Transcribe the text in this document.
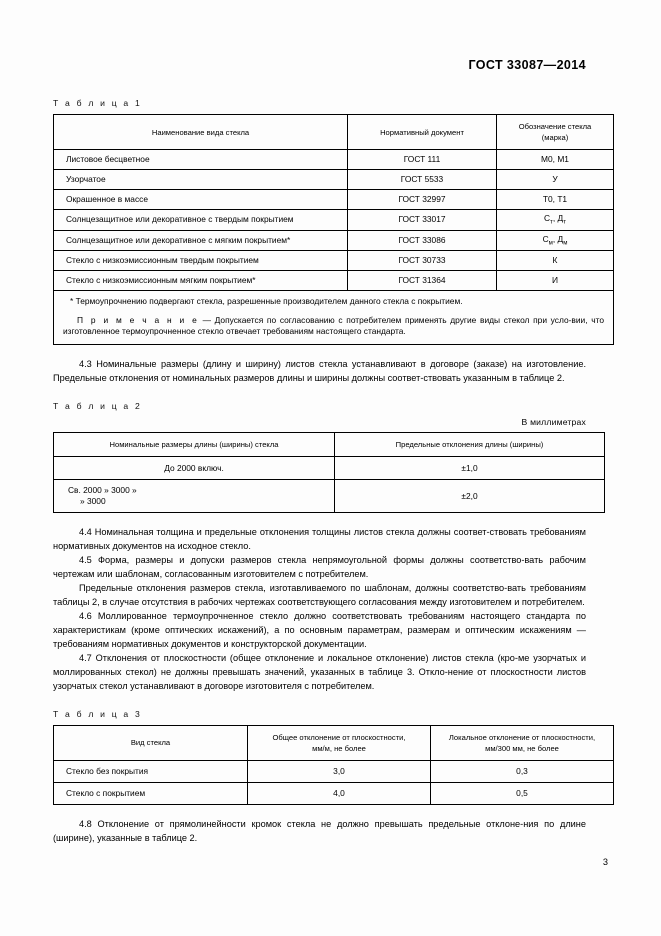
ГОСТ 33087—2014
Т а б л и ц а 1
Наименование вида стекла	Нормативный документ	Обозначение стекла
(марка)
Листовое бесцветное	ГОСТ 111	М0, М1
Узорчатое	ГОСТ 5533	У
Окрашенное в массе	ГОСТ 32997	Т0, Т1
Солнцезащитное или декоративное с твердым покрытием	ГОСТ 33017	$С_т$, $Д_т$
Солнцезащитное или декоративное с мягким покрытием*	ГОСТ 33086	$С_м$, $Д_м$
Стекло с низкоэмиссионным твердым покрытием	ГОСТ 30733	К
Стекло с низкоэмиссионным мягким покрытием*	ГОСТ 31364	И

* Термоупрочнению подвергают стекла, разрешенные производителем данного стекла с покрытием.
П р и м е ч а н и е — Допускается по согласованию с потребителем применять другие виды стекол при усло-вии, что изготовленное термоупрочненное стекло отвечает требованиям настоящего стандарта.		

4.3 Номинальные размеры (длину и ширину) листов стекла устанавливают в договоре (заказе) на изготовление. Предельные отклонения от номинальных размеров длины и ширины должны соответ-ствовать указанным в таблице 2.

Т а б л и ц а 2
В миллиметрах
Номинальные размеры длины (ширины) стекла	Предельные отклонения длины (ширины)
До 2000 включ.	±1,0
Св. 2000 » 3000 »
» 3000	±2,0

4.4 Номинальная толщина и предельные отклонения толщины листов стекла должны соответ-ствовать требованиям нормативных документов на исходное стекло.

4.5 Форма, размеры и допуски размеров стекла непрямоугольной формы должны соответство-вать рабочим чертежам или шаблонам, согласованным изготовителем с потребителем.

Предельные отклонения размеров стекла, изготавливаемого по шаблонам, должны соответство-вать требованиям таблицы 2, в случае отсутствия в рабочих чертежах соответствующего согласования между изготовителем и потребителем.

4.6 Моллированное термоупрочненное стекло должно соответствовать требованиям настоящего стандарта по характеристикам (кроме оптических искажений), а по основным параметрам, размерам и оптическим искажениям — требованиям нормативных документов и конструкторской документации.

4.7 Отклонения от плоскостности (общее отклонение и локальное отклонение) листов стекла (кро-ме узорчатых и моллированных стекол) не должны превышать значений, указанных в таблице 3. Откло-нение от плоскостности листов узорчатых стекол устанавливают в договоре изготовителя с потребителем.

Т а б л и ц а 3
Вид стекла	Общее отклонение от плоскостности,
мм/м, не более	Локальное отклонение от плоскостности,
мм/300 мм, не более
Стекло без покрытия	3,0	0,3
Стекло с покрытием	4,0	0,5

4.8 Отклонение от прямолинейности кромок стекла не должно превышать предельные отклоне-ния по длине (ширине), указанные в таблице 2.

3
